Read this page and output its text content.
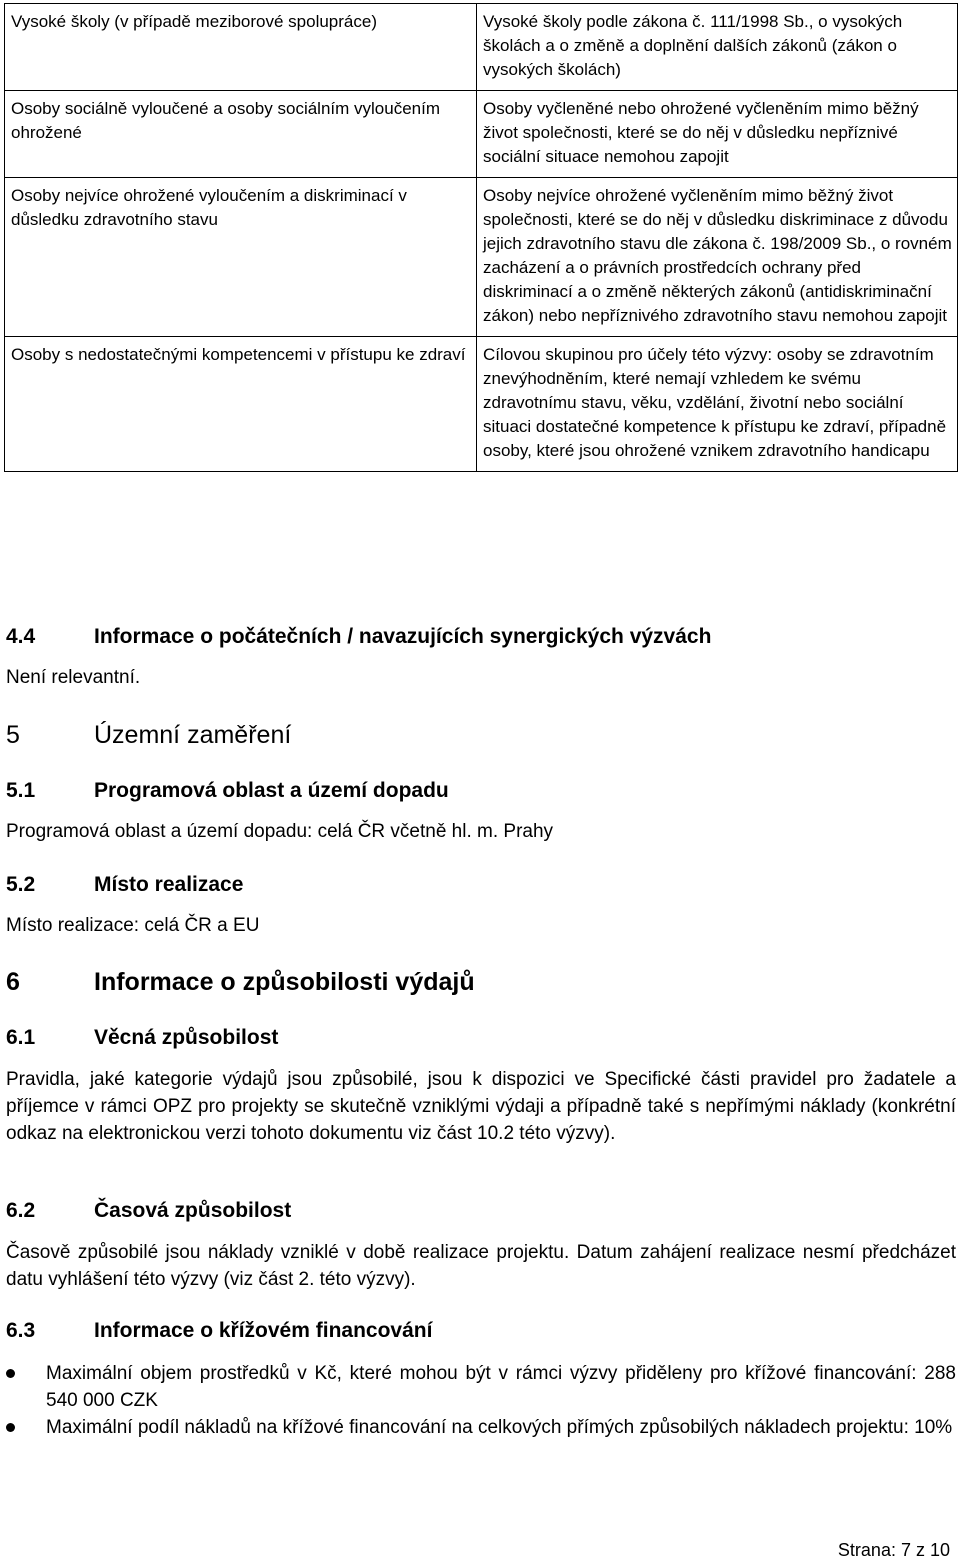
Vysoké školy (v případě meziborové spolupráce)	Vysoké školy podle zákona č. 111/1998 Sb., o vysokých školách a o změně a doplnění dalších zákonů (zákon o vysokých školách)
Osoby sociálně vyloučené a osoby sociálním vyloučením ohrožené	Osoby vyčleněné nebo ohrožené vyčleněním mimo běžný život společnosti, které se do něj v důsledku nepříznivé sociální situace nemohou zapojit
Osoby nejvíce ohrožené vyloučením a diskriminací v důsledku zdravotního stavu	Osoby nejvíce ohrožené vyčleněním mimo běžný život společnosti, které se do něj v důsledku diskriminace z důvodu jejich zdravotního stavu dle zákona č. 198/2009 Sb., o rovném zacházení a o právních prostředcích ochrany před diskriminací a o změně některých zákonů (antidiskriminační zákon) nebo nepříznivého zdravotního stavu nemohou zapojit
Osoby s nedostatečnými kompetencemi v přístupu ke zdraví	Cílovou skupinou pro účely této výzvy: osoby se zdravotním znevýhodněním, které nemají vzhledem ke svému zdravotnímu stavu, věku, vzdělání, životní nebo sociální situaci dostatečné kompetence k přístupu ke zdraví, případně osoby, které jsou ohrožené vznikem zdravotního handicapu
4.4	Informace o počátečních / navazujících synergických výzvách
Není relevantní.
5	Územní zaměření
5.1	Programová oblast a území dopadu
Programová oblast a území dopadu: celá ČR včetně hl. m. Prahy
5.2	Místo realizace
Místo realizace: celá ČR a EU
6	Informace o způsobilosti výdajů
6.1	Věcná způsobilost
Pravidla, jaké kategorie výdajů jsou způsobilé, jsou k dispozici ve Specifické části pravidel pro žadatele a příjemce v rámci OPZ pro projekty se skutečně vzniklými výdaji a případně také s nepřímými náklady (konkrétní odkaz na elektronickou verzi tohoto dokumentu viz část 10.2 této výzvy).
6.2	Časová způsobilost
Časově způsobilé jsou náklady vzniklé v době realizace projektu. Datum zahájení realizace nesmí předcházet datu vyhlášení této výzvy (viz část 2. této výzvy).
6.3	Informace o křížovém financování
Maximální objem prostředků v Kč, které mohou být v rámci výzvy přiděleny pro křížové financování: 288 540 000 CZK
Maximální podíl nákladů na křížové financování na celkových přímých způsobilých nákladech projektu: 10%
Strana: 7 z 10
